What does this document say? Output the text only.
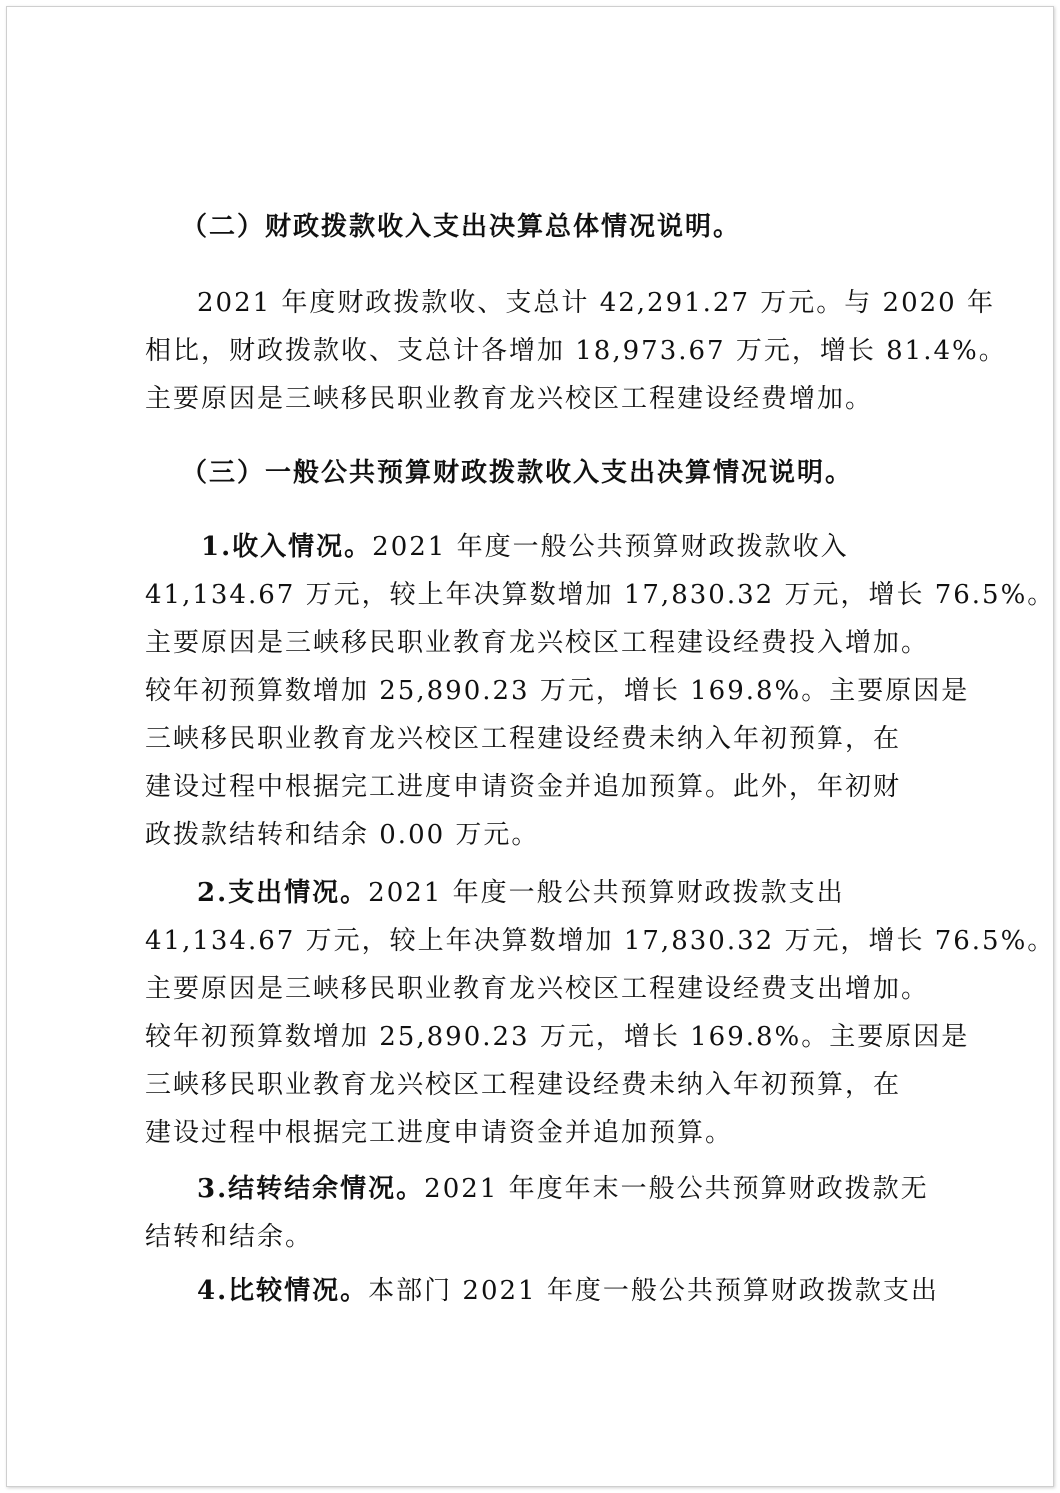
（二）财政拨款收入支出决算总体情况说明。
2021 年度财政拨款收、支总计 42,291.27 万元。与 2020 年
相比，财政拨款收、支总计各增加 18,973.67 万元，增长 81.4%。
主要原因是三峡移民职业教育龙兴校区工程建设经费增加。
（三）一般公共预算财政拨款收入支出决算情况说明。
1.收入情况。2021 年度一般公共预算财政拨款收入
41,134.67 万元，较上年决算数增加 17,830.32 万元，增长 76.5%。
主要原因是三峡移民职业教育龙兴校区工程建设经费投入增加。
较年初预算数增加 25,890.23 万元，增长 169.8%。主要原因是
三峡移民职业教育龙兴校区工程建设经费未纳入年初预算，在
建设过程中根据完工进度申请资金并追加预算。此外，年初财
政拨款结转和结余 0.00 万元。
2.支出情况。2021 年度一般公共预算财政拨款支出
41,134.67 万元，较上年决算数增加 17,830.32 万元，增长 76.5%。
主要原因是三峡移民职业教育龙兴校区工程建设经费支出增加。
较年初预算数增加 25,890.23 万元，增长 169.8%。主要原因是
三峡移民职业教育龙兴校区工程建设经费未纳入年初预算，在
建设过程中根据完工进度申请资金并追加预算。
3.结转结余情况。2021 年度年末一般公共预算财政拨款无
结转和结余。
4.比较情况。本部门 2021 年度一般公共预算财政拨款支出
